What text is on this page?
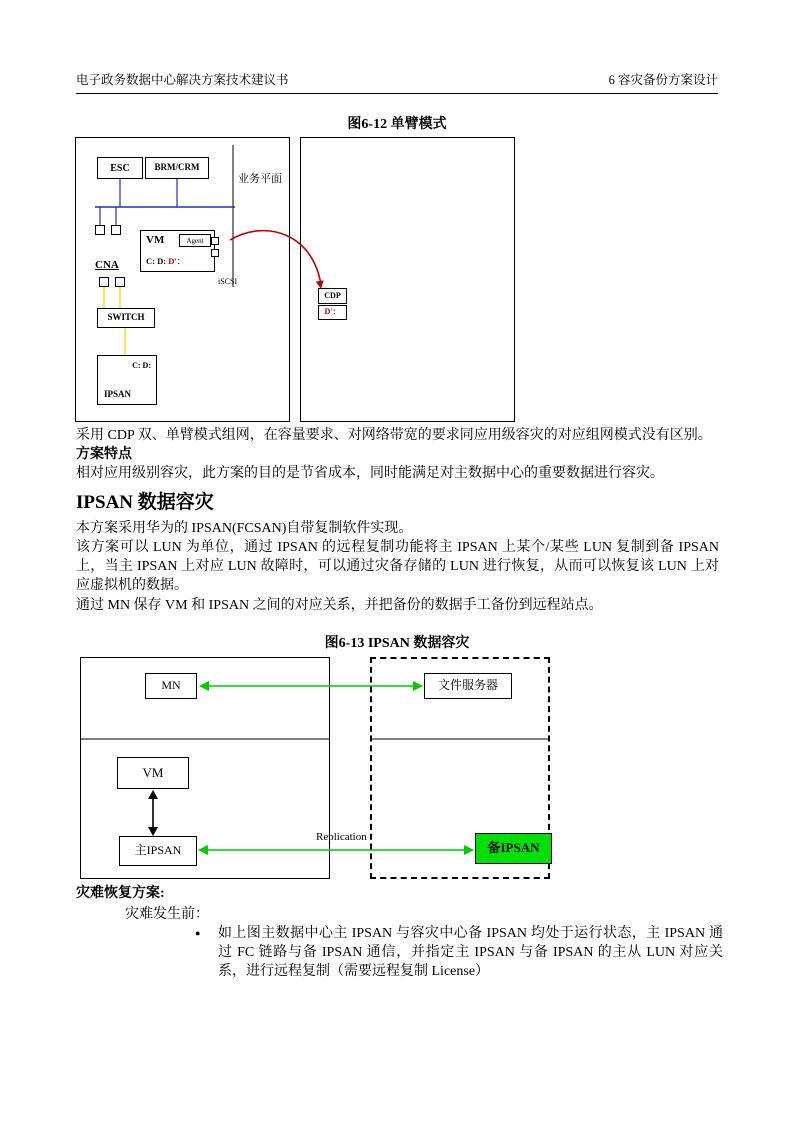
电子政务数据中心解决方案技术建议书	6 容灾备份方案设计
图6-12 单臂模式
ESC	BRM/CRM
业务平面
VM	Agent
C: D: D′：
CNA
iSCSI
SWITCH
C: D:
IPSAN
CDP
D′：
采用 CDP 双、单臂模式组网，在容量要求、对网络带宽的要求同应用级容灾的对应组网模式没有区别。
方案特点
相对应用级别容灾，此方案的目的是节省成本，同时能满足对主数据中心的重要数据进行容灾。
IPSAN 数据容灾
本方案采用华为的 IPSAN(FCSAN)自带复制软件实现。
该方案可以 LUN 为单位，通过 IPSAN 的远程复制功能将主 IPSAN 上某个/某些 LUN 复制到备 IPSAN 上，当主 IPSAN 上对应 LUN 故障时，可以通过灾备存储的 LUN 进行恢复，从而可以恢复该 LUN 上对应虚拟机的数据。
通过 MN 保存 VM 和 IPSAN 之间的对应关系，并把备份的数据手工备份到远程站点。
图6-13 IPSAN 数据容灾
MN	文件服务器
VM
主IPSAN	备IPSAN
Replication
灾难恢复方案:
灾难发生前：
● 如上图主数据中心主 IPSAN 与容灾中心备 IPSAN 均处于运行状态，主 IPSAN 通过 FC 链路与备 IPSAN 通信，并指定主 IPSAN 与备 IPSAN 的主从 LUN 对应关系，进行远程复制（需要远程复制 License）
